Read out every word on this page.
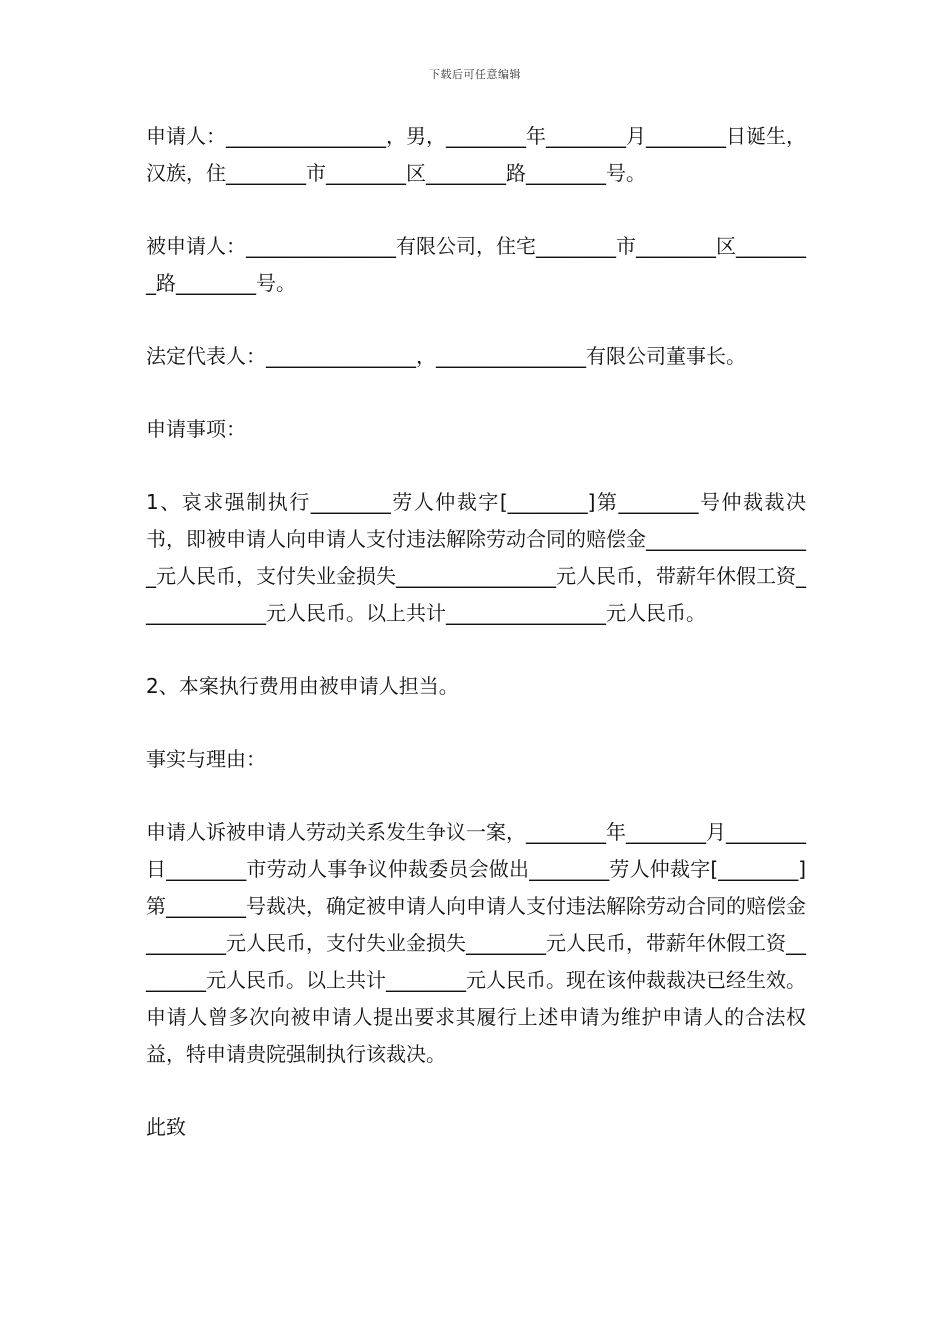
下载后可任意编辑

申请人：________________，男，________年________月________日诞生，汉族，住________市________区________路________号。

被申请人：_______________有限公司，住宅________市________区________路________号。

法定代表人：_______________，_______________有限公司董事长。

申请事项：

1、哀求强制执行________劳人仲裁字[________]第________号仲裁裁决书，即被申请人向申请人支付违法解除劳动合同的赔偿金_________________元人民币，支付失业金损失________________元人民币，带薪年休假工资_____________元人民币。以上共计________________元人民币。

2、本案执行费用由被申请人担当。

事实与理由：

申请人诉被申请人劳动关系发生争议一案，________年________月________日________市劳动人事争议仲裁委员会做出________劳人仲裁字[________]第________号裁决，确定被申请人向申请人支付违法解除劳动合同的赔偿金________元人民币，支付失业金损失________元人民币，带薪年休假工资________元人民币。以上共计________元人民币。现在该仲裁裁决已经生效。申请人曾多次向被申请人提出要求其履行上述申请为维护申请人的合法权益，特申请贵院强制执行该裁决。

此致
